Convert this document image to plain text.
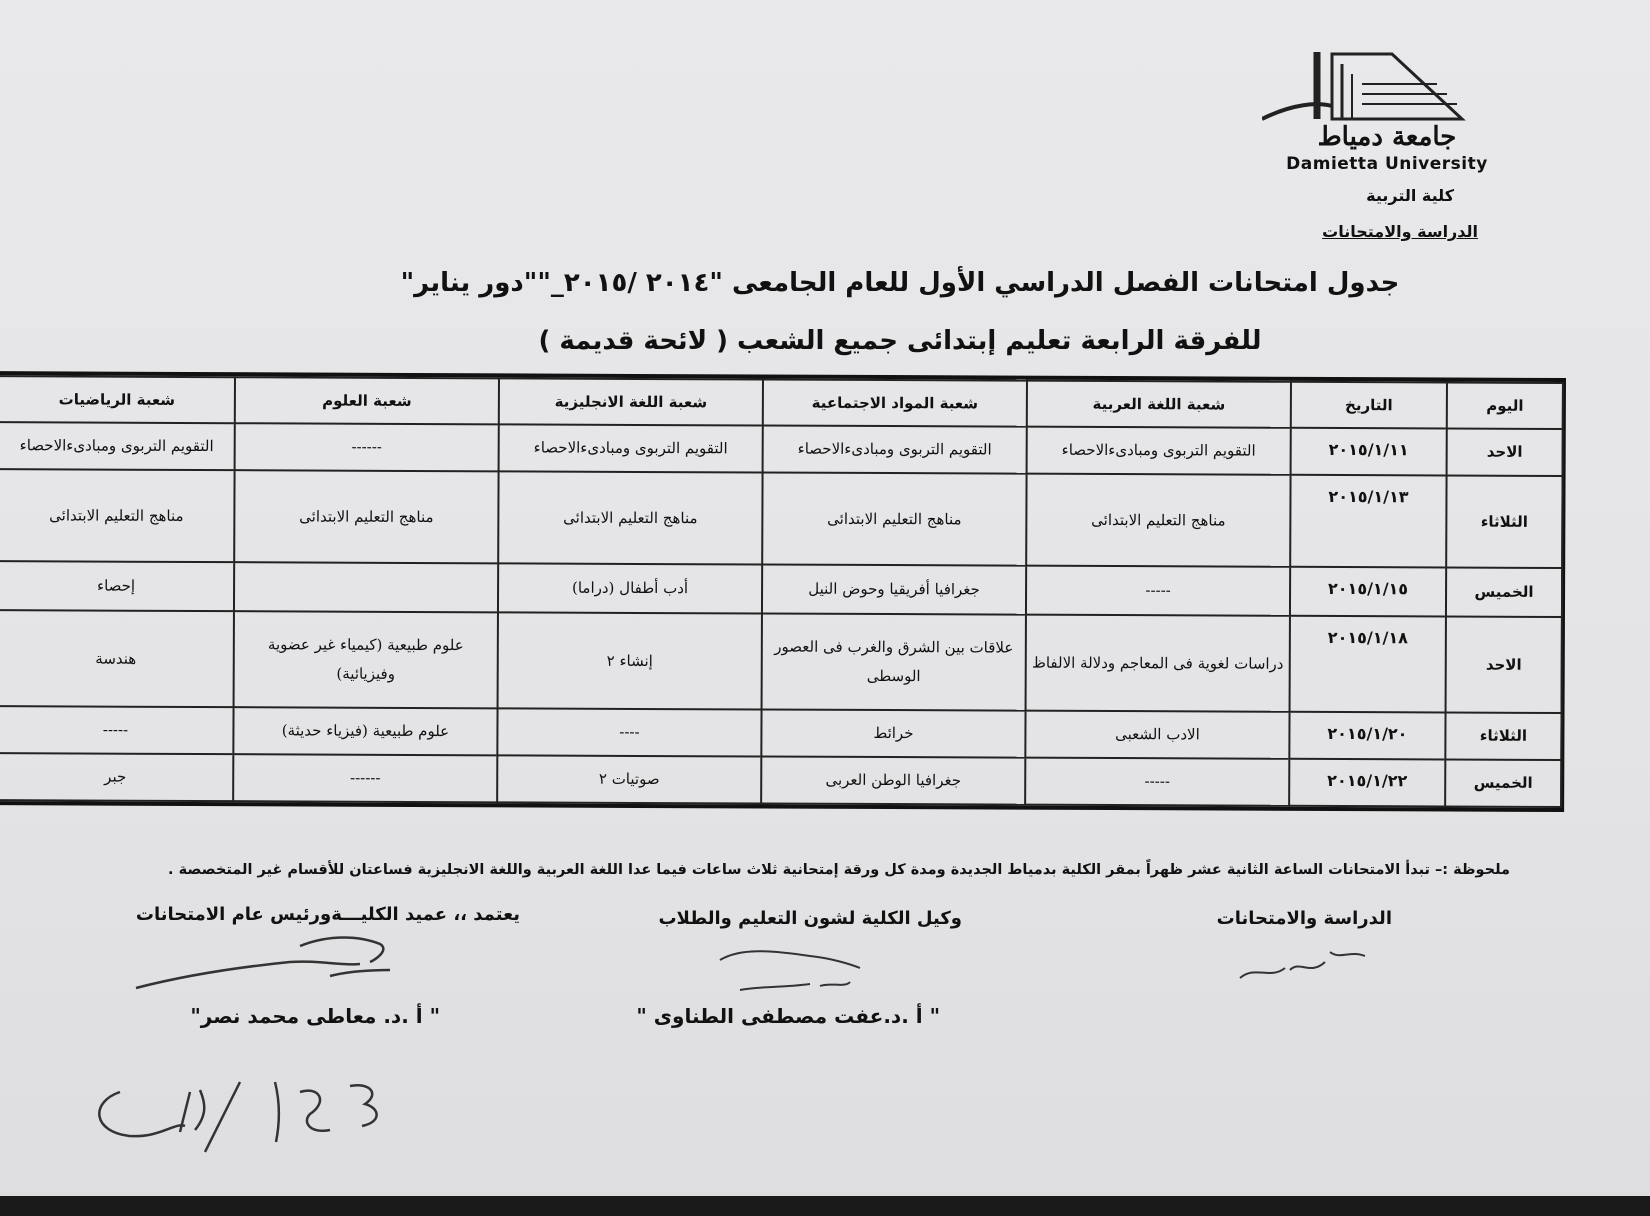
جامعة دمياط
Damietta University
كلية التربية
الدراسة والامتحانات
جدول امتحانات الفصل الدراسي الأول للعام الجامعى "٢٠١٤ /٢٠١٥_""دور يناير"
للفرقة الرابعة تعليم إبتدائى جميع الشعب ( لائحة قديمة )
اليوم	التاريخ	شعبة اللغة العربية	شعبة المواد الاجتماعية	شعبة اللغة الانجليزية	شعبة العلوم	شعبة الرياضيات
الاحد	٢٠١٥/١/١١	التقويم التربوى ومبادىءالاحصاء	التقويم التربوى ومبادىءالاحصاء	التقويم التربوى ومبادىءالاحصاء	------	التقويم التربوى ومبادىءالاحصاء
الثلاثاء	٢٠١٥/١/١٣	مناهج التعليم الابتدائى	مناهج التعليم الابتدائى	مناهج التعليم الابتدائى	مناهج التعليم الابتدائى	مناهج التعليم الابتدائى
الخميس	٢٠١٥/١/١٥	-----	جغرافيا أفريقيا وحوض النيل	أدب أطفال (دراما)		إحصاء
الاحد	٢٠١٥/١/١٨	دراسات لغوية فى المعاجم ودلالة الالفاظ	علاقات بين الشرق والغرب فى العصور الوسطى	إنشاء ٢	علوم طبيعية (كيمياء غير عضوية وفيزيائية)	هندسة
الثلاثاء	٢٠١٥/١/٢٠	الادب الشعبى	خرائط	----	علوم طبيعية (فيزياء حديثة)	-----
الخميس	٢٠١٥/١/٢٢	-----	جغرافيا الوطن العربى	صوتيات ٢	------	جبر
ملحوظة :– تبدأ الامتحانات الساعة الثانية عشر ظهراً بمقر الكلية بدمياط الجديدة ومدة كل ورقة إمتحانية ثلاث ساعات فيما عدا اللغة العربية واللغة الانجليزية فساعتان للأقسام غير المتخصصة .
الدراسة والامتحانات
وكيل الكلية لشون التعليم والطلاب
" أ .د.عفت مصطفى الطناوى "
يعتمد ،، عميد الكليـــةورئيس عام الامتحانات
" أ .د. معاطى محمد نصر"
